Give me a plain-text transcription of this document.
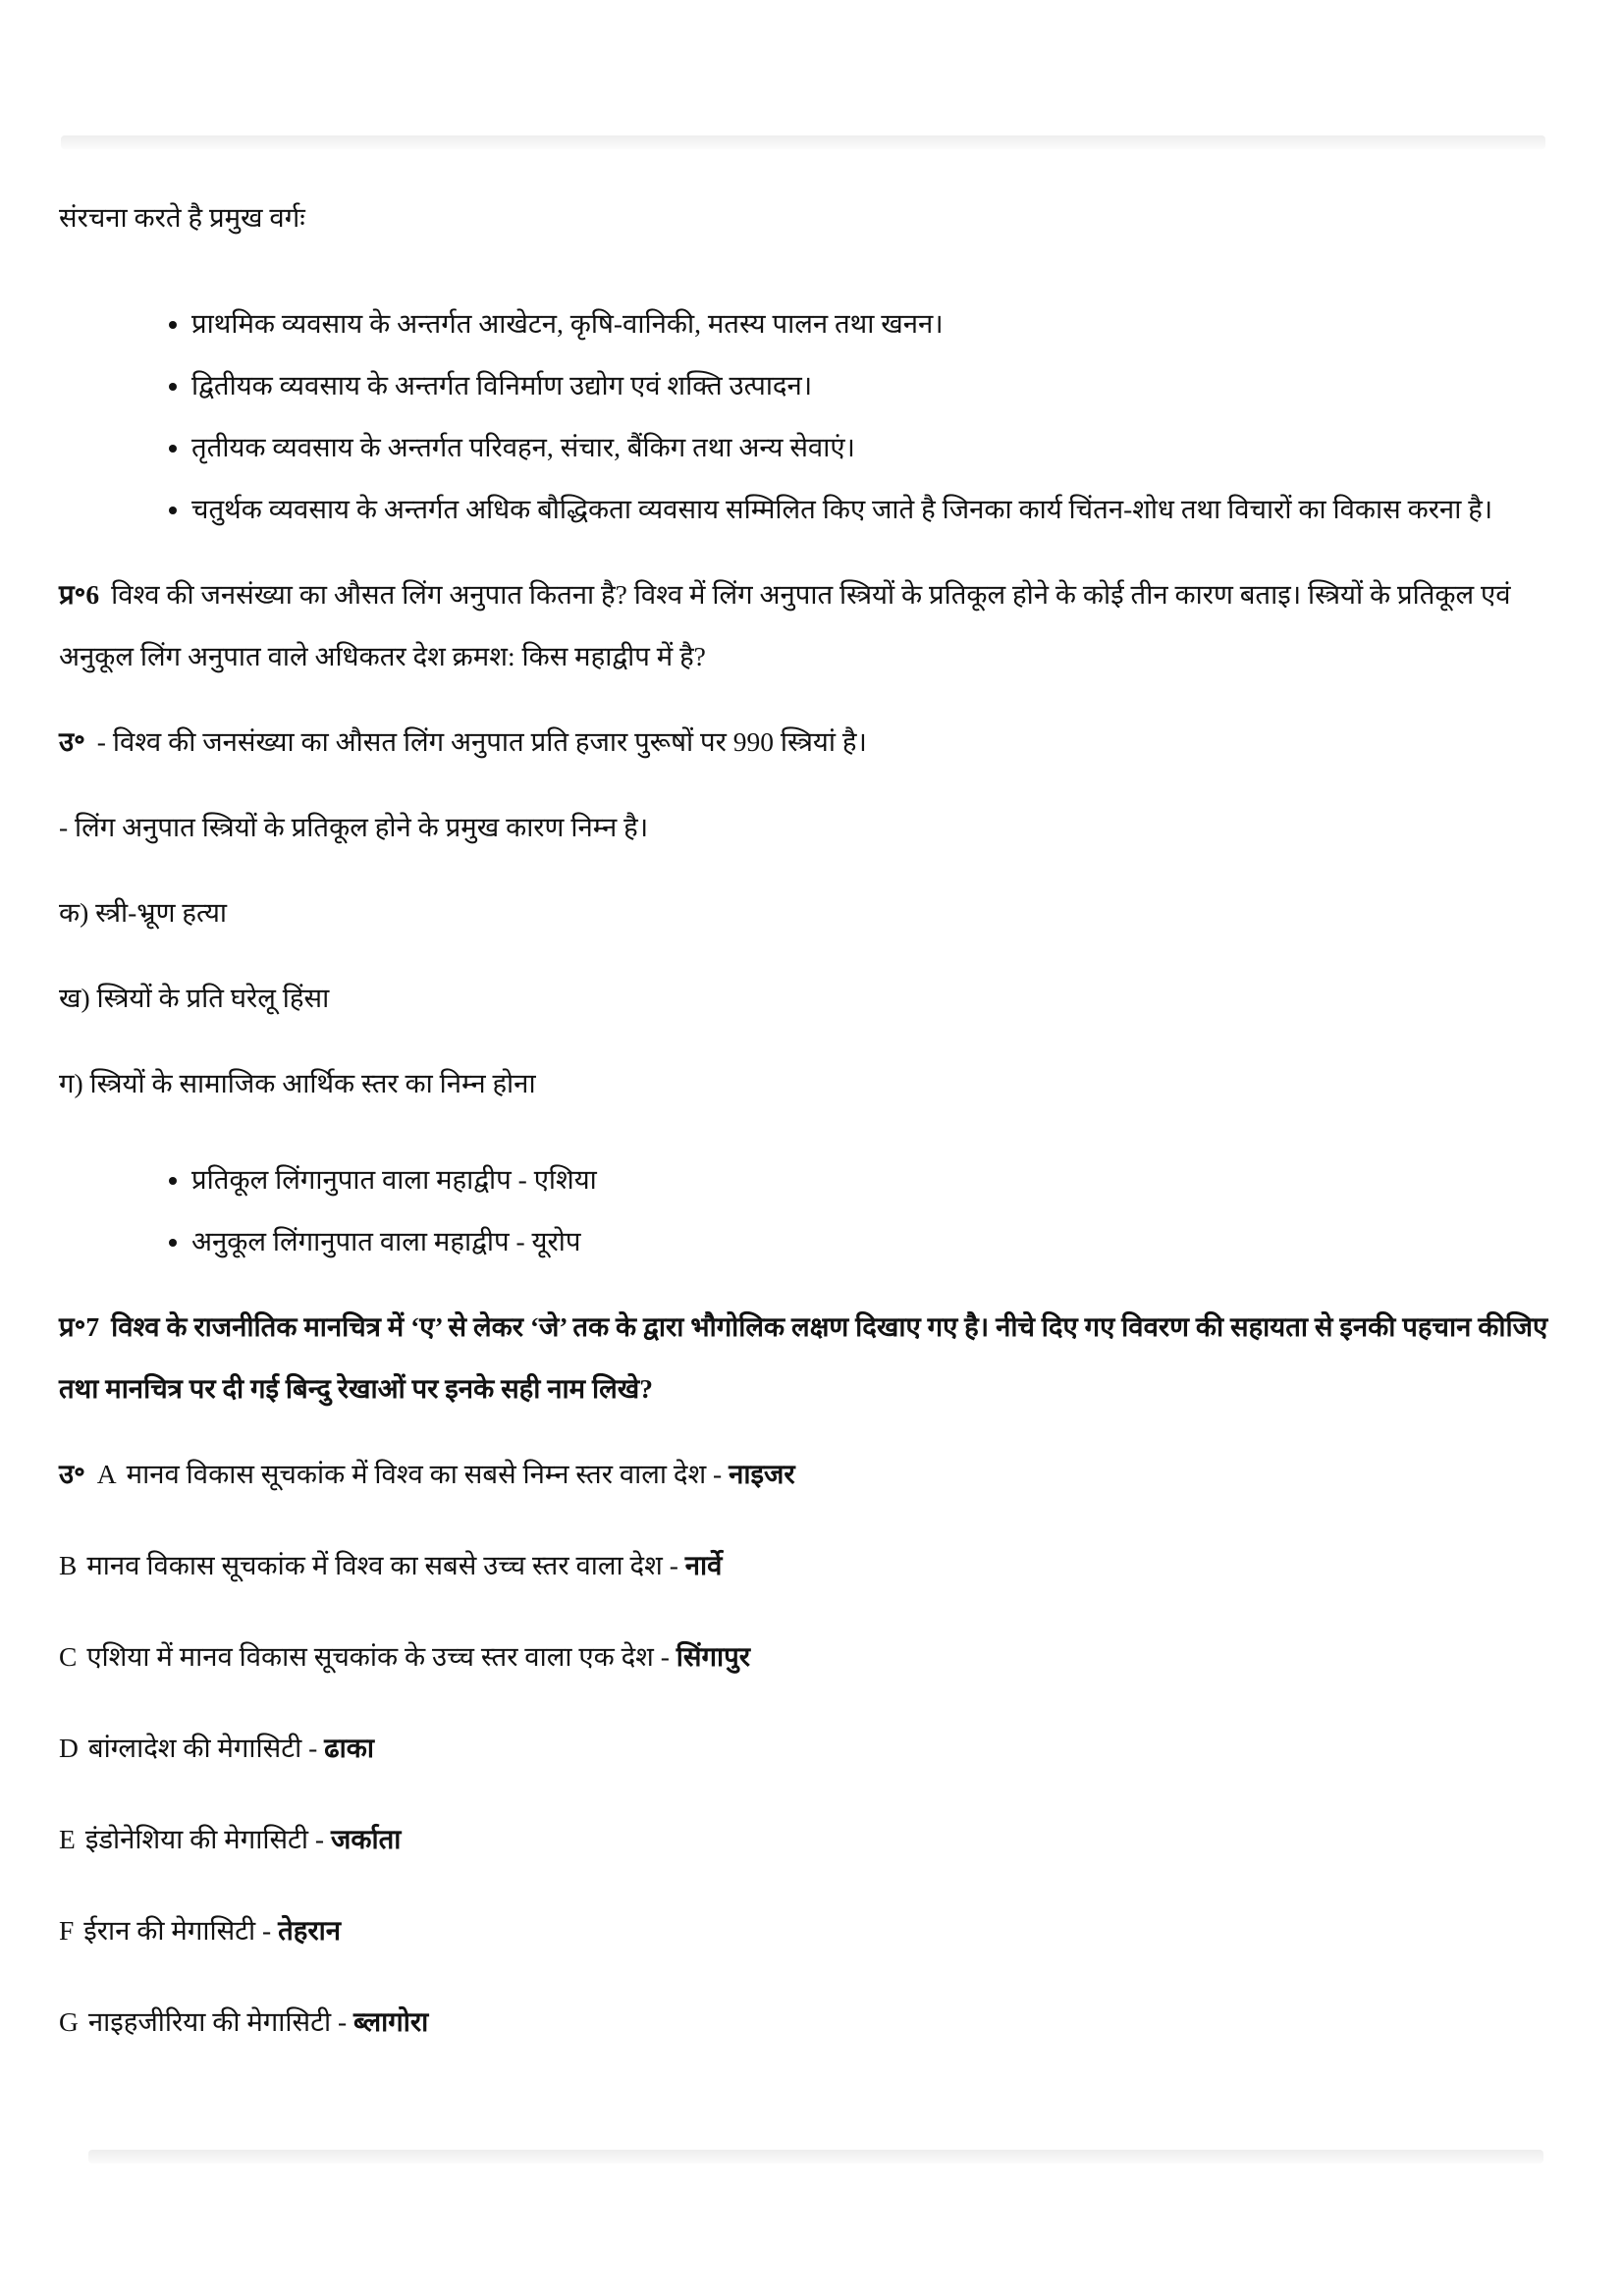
संरचना करते है प्रमुख वर्गः

• प्राथमिक व्यवसाय के अन्तर्गत आखेटन, कृषि-वानिकी, मतस्य पालन तथा खनन।
• द्वितीयक व्यवसाय के अन्तर्गत विनिर्माण उद्योग एवं शक्ति उत्पादन।
• तृतीयक व्यवसाय के अन्तर्गत परिवहन, संचार, बैंकिग तथा अन्य सेवाएं।
• चतुर्थक व्यवसाय के अन्तर्गत अधिक बौद्धिकता व्यवसाय सम्मिलित किए जाते है जिनका कार्य चिंतन-शोध तथा विचारों का विकास करना है।

प्र॰6 विश्व की जनसंख्या का औसत लिंग अनुपात कितना है? विश्व में लिंग अनुपात स्त्रियों के प्रतिकूल होने के कोई तीन कारण बताइ। स्त्रियों के प्रतिकूल एवं अनुकूल लिंग अनुपात वाले अधिकतर देश क्रमश: किस महाद्वीप में है?

उ॰ - विश्व की जनसंख्या का औसत लिंग अनुपात प्रति हजार पुरूषों पर 990 स्त्रियां है।

- लिंग अनुपात स्त्रियों के प्रतिकूल होने के प्रमुख कारण निम्न है।

क) स्त्री-भ्रूण हत्या

ख) स्त्रियों के प्रति घरेलू हिंसा

ग) स्त्रियों के सामाजिक आर्थिक स्तर का निम्न होना

• प्रतिकूल लिंगानुपात वाला महाद्वीप - एशिया
• अनुकूल लिंगानुपात वाला महाद्वीप - यूरोप

प्र॰7 विश्व के राजनीतिक मानचित्र में ‘ए’ से लेकर ‘जे’ तक के द्वारा भौगोलिक लक्षण दिखाए गए है। नीचे दिए गए विवरण की सहायता से इनकी पहचान कीजिए तथा मानचित्र पर दी गई बिन्दु रेखाओं पर इनके सही नाम लिखे?

उ॰ A मानव विकास सूचकांक में विश्व का सबसे निम्न स्तर वाला देश - नाइजर

B मानव विकास सूचकांक में विश्व का सबसे उच्च स्तर वाला देश - नार्वे

C एशिया में मानव विकास सूचकांक के उच्च स्तर वाला एक देश - सिंगापुर

D बांग्लादेश की मेगासिटी - ढाका

E इंडोनेशिया की मेगासिटी - जर्काता

F ईरान की मेगासिटी - तेहरान

G नाइहजीरिया की मेगासिटी - ब्लागोरा
